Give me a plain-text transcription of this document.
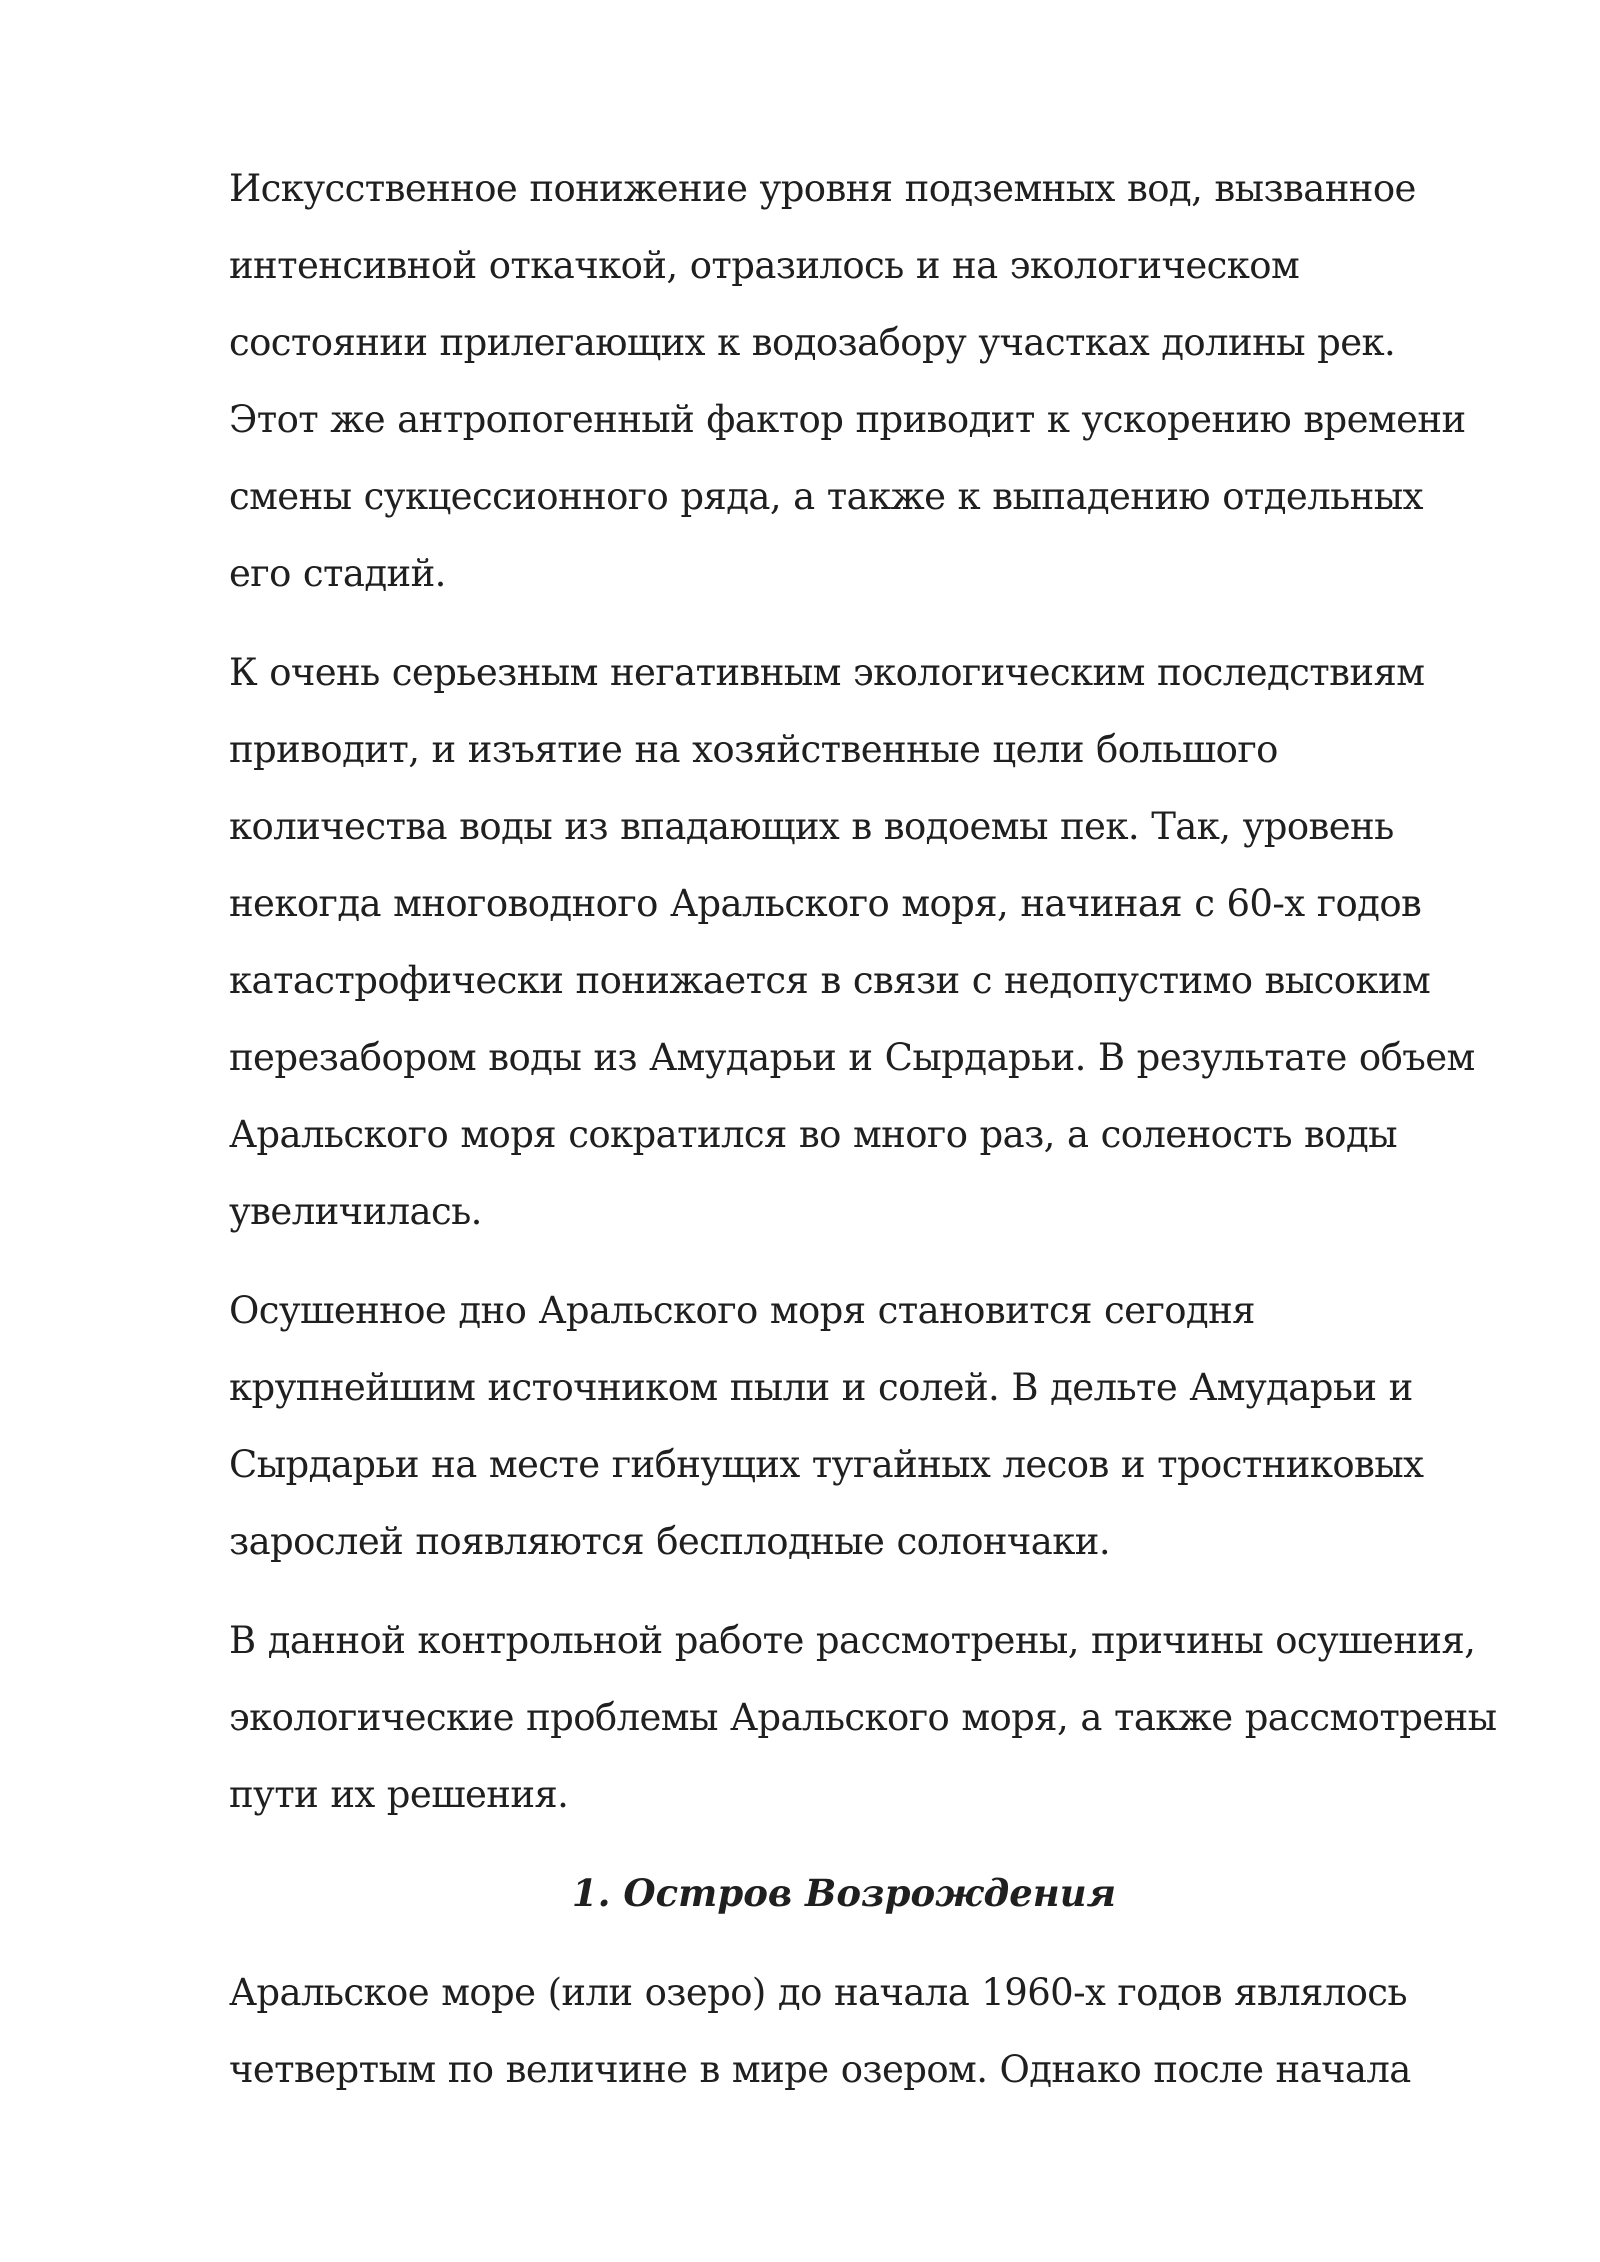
Искусственное понижение уровня подземных вод, вызванное
интенсивной откачкой, отразилось и на экологическом
состоянии прилегающих к водозабору участках долины рек.
Этот же антропогенный фактор приводит к ускорению времени
смены сукцессионного ряда, а также к выпадению отдельных
его стадий.

К очень серьезным негативным экологическим последствиям
приводит, и изъятие на хозяйственные цели большого
количества воды из впадающих в водоемы пек. Так, уровень
некогда многоводного Аральского моря, начиная с 60-х годов
катастрофически понижается в связи с недопустимо высоким
перезабором воды из Амударьи и Сырдарьи. В результате объем
Аральского моря сократился во много раз, а соленость воды
увеличилась.

Осушенное дно Аральского моря становится сегодня
крупнейшим источником пыли и солей. В дельте Амударьи и
Сырдарьи на месте гибнущих тугайных лесов и тростниковых
зарослей появляются бесплодные солончаки.

В данной контрольной работе рассмотрены, причины осушения,
экологические проблемы Аральского моря, а также рассмотрены
пути их решения.

1. Остров Возрождения

Аральское море (или озеро) до начала 1960-х годов являлось
четвертым по величине в мире озером. Однако после начала
